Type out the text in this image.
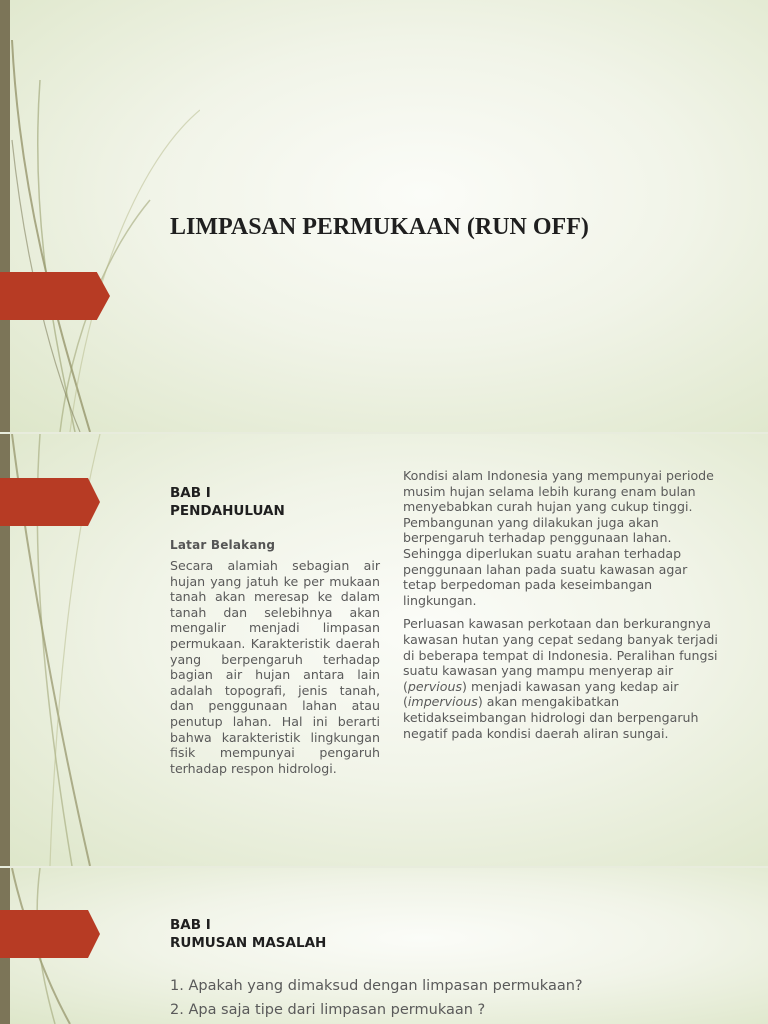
LIMPASAN PERMUKAAN (RUN OFF)
BAB I
PENDAHULUAN
Latar Belakang

Secara alamiah sebagian air hujan yang jatuh ke per mukaan tanah akan meresap ke dalam tanah dan selebihnya akan mengalir menjadi limpasan permukaan. Karakteristik daerah yang berpengaruh terhadap bagian air hujan antara lain adalah topografi, jenis tanah, dan penggunaan lahan atau penutup lahan. Hal ini berarti bahwa karakteristik lingkungan fisik mempunyai pengaruh terhadap respon hidrologi.

Kondisi alam Indonesia yang mempunyai periode musim hujan selama lebih kurang enam bulan menyebabkan curah hujan yang cukup tinggi. Pembangunan yang dilakukan juga akan berpengaruh terhadap penggunaan lahan. Sehingga diperlukan suatu arahan terhadap penggunaan lahan pada suatu kawasan agar tetap berpedoman pada keseimbangan lingkungan.

Perluasan kawasan perkotaan dan berkurangnya kawasan hutan yang cepat sedang banyak terjadi di beberapa tempat di Indonesia. Peralihan fungsi suatu kawasan yang mampu menyerap air (pervious) menjadi kawasan yang kedap air (impervious) akan mengakibatkan ketidakseimbangan hidrologi dan berpengaruh negatif pada kondisi daerah aliran sungai.

BAB I
RUMUSAN MASALAH
1. Apakah yang dimaksud dengan limpasan permukaan?
2. Apa saja tipe dari limpasan permukaan ?
